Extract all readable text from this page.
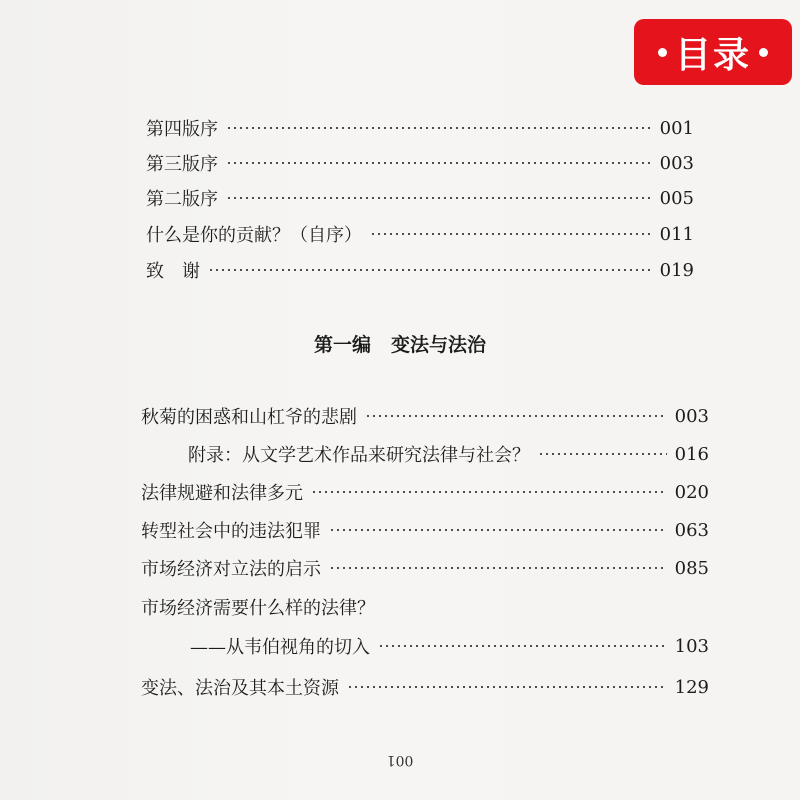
目录
第四版序	001
第三版序	003
第二版序	005
什么是你的贡献？（自序）	011
致　谢	019
第一编 变法与法治
秋菊的困惑和山杠爷的悲剧	003
附录：从文学艺术作品来研究法律与社会？	016
法律规避和法律多元	020
转型社会中的违法犯罪	063
市场经济对立法的启示	085
市场经济需要什么样的法律？
——从韦伯视角的切入	103
变法、法治及其本土资源	129
001
